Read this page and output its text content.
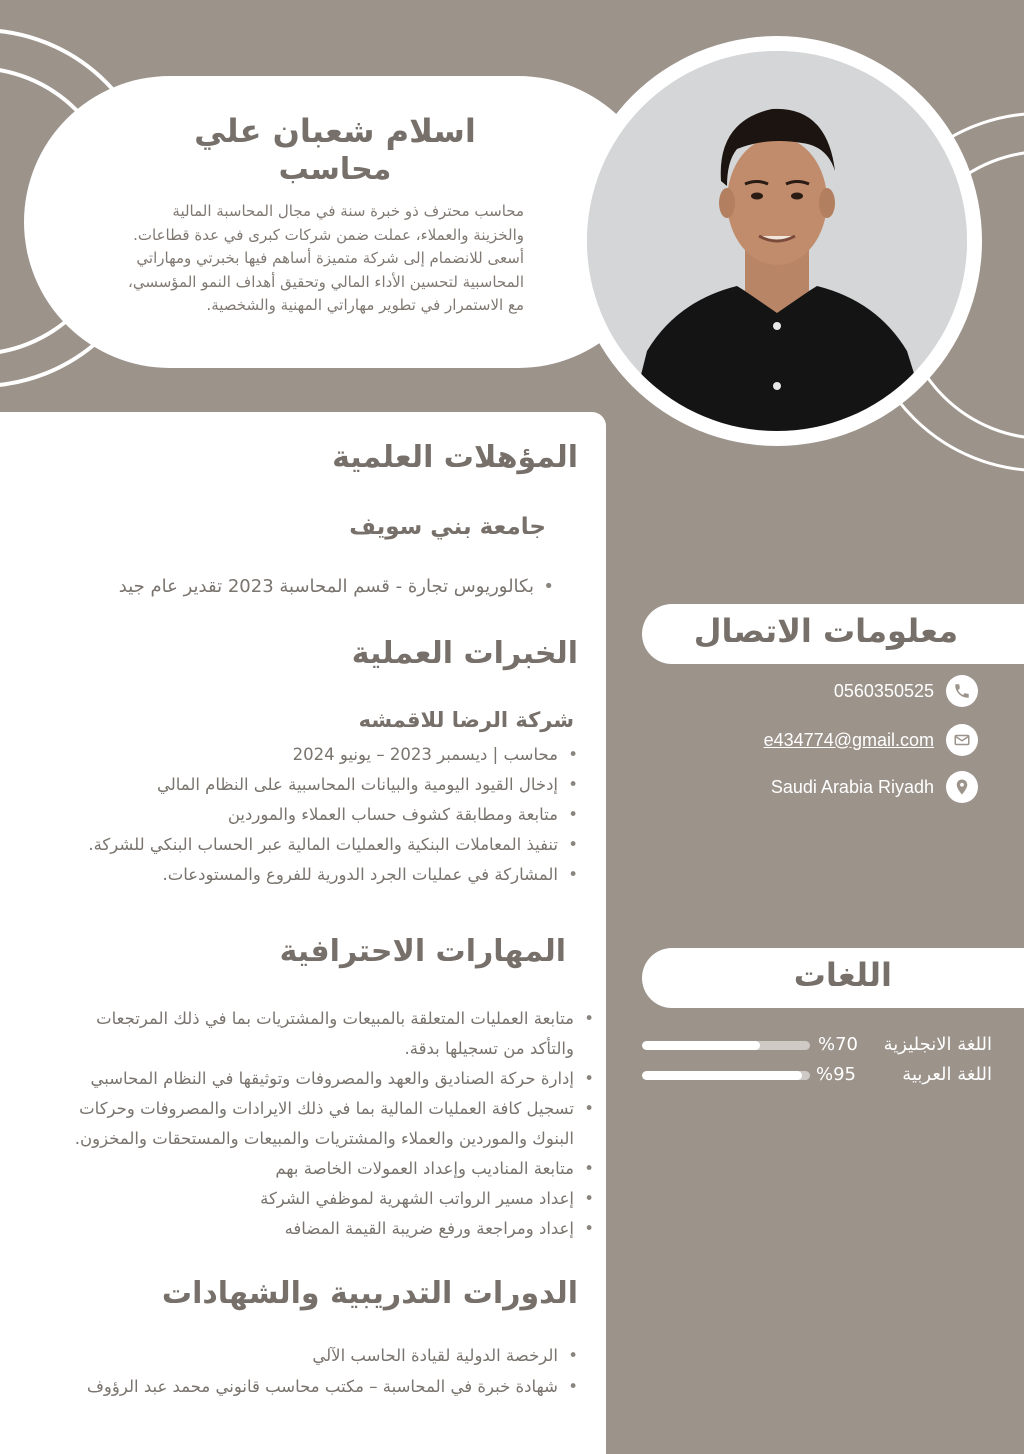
اسلام شعبان علي
محاسب
محاسب محترف ذو خبرة سنة في مجال المحاسبة المالية والخزينة والعملاء، عملت ضمن شركات كبرى في عدة قطاعات. أسعى للانضمام إلى شركة متميزة أساهم فيها بخبرتي ومهاراتي المحاسبية لتحسين الأداء المالي وتحقيق أهداف النمو المؤسسي، مع الاستمرار في تطوير مهاراتي المهنية والشخصية.
المؤهلات العلمية
جامعة بني سويف
• بكالوريوس تجارة - قسم المحاسبة 2023 تقدير عام جيد
الخبرات العملية
شركة الرضا للاقمشه
• محاسب | ديسمبر 2023 – يونيو 2024
• إدخال القيود اليومية والبيانات المحاسبية على النظام المالي
• متابعة ومطابقة كشوف حساب العملاء والموردين
• تنفيذ المعاملات البنكية والعمليات المالية عبر الحساب البنكي للشركة.
• المشاركة في عمليات الجرد الدورية للفروع والمستودعات.
المهارات الاحترافية
• متابعة العمليات المتعلقة بالمبيعات والمشتريات بما في ذلك المرتجعات
والتأكد من تسجيلها بدقة.
• إدارة حركة الصناديق والعهد والمصروفات وتوثيقها في النظام المحاسبي
• تسجيل كافة العمليات المالية بما في ذلك الايرادات والمصروفات وحركات
البنوك والموردين والعملاء والمشتريات والمبيعات والمستحقات والمخزون.
• متابعة المناديب وإعداد العمولات الخاصة بهم
• إعداد مسير الرواتب الشهرية لموظفي الشركة
• إعداد ومراجعة ورفع ضريبة القيمة المضافه
الدورات التدريبية والشهادات
• الرخصة الدولية لقيادة الحاسب الآلي
• شهادة خبرة في المحاسبة – مكتب محاسب قانوني محمد عبد الرؤوف
معلومات الاتصال
0560350525
e434774@gmail.com
Saudi Arabia Riyadh
اللغات
اللغة الانجليزية
%70
اللغة العربية
%95
